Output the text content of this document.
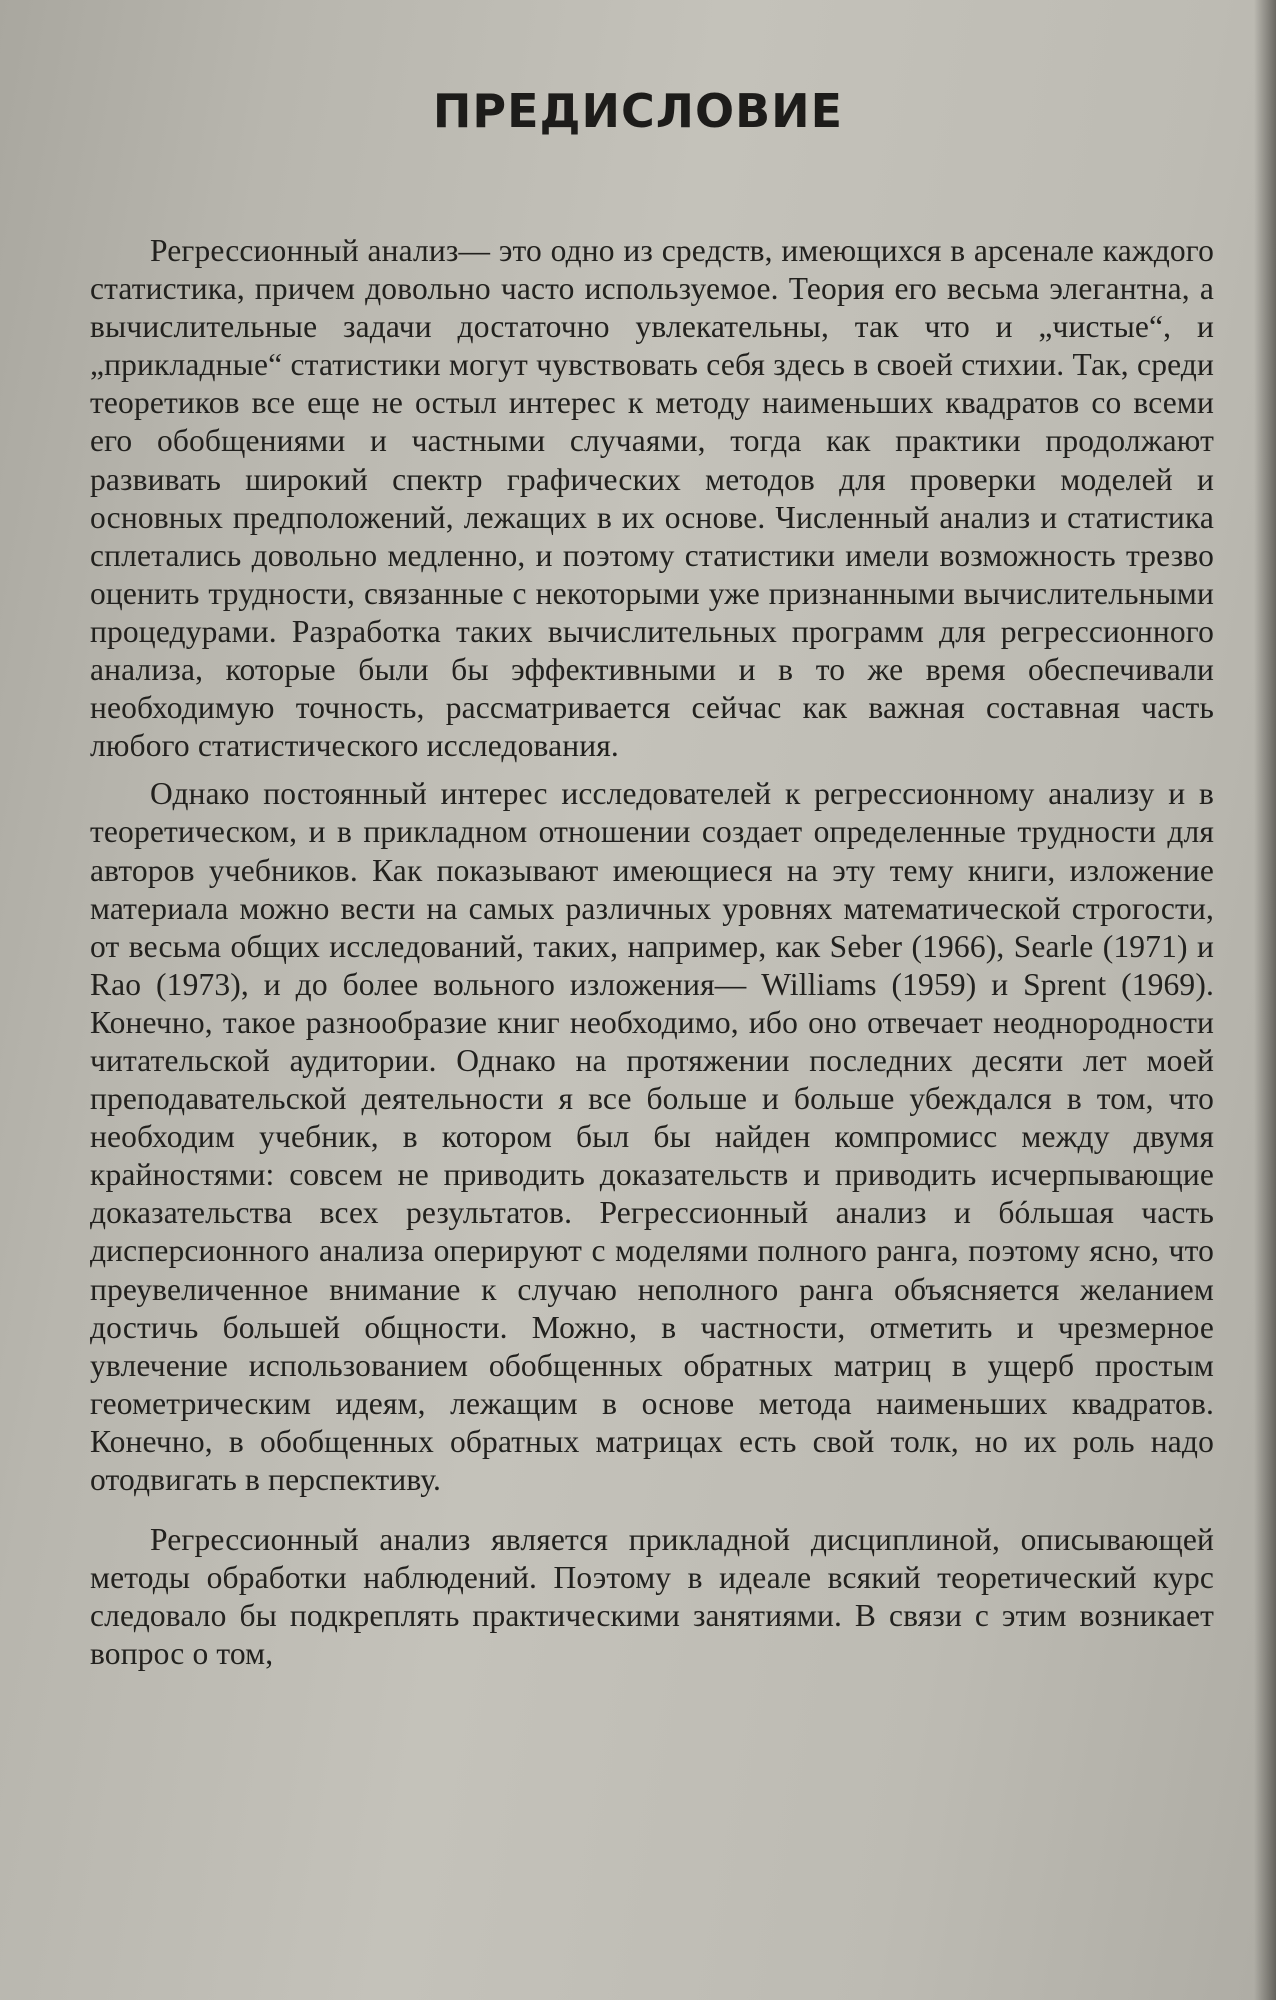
ПРЕДИСЛОВИЕ

Регрессионный анализ— это одно из средств, имеющихся в арсенале каждого статистика, причем довольно часто используемое. Теория его весьма элегантна, а вычислительные задачи достаточно увлекательны, так что и „чистые“, и „прикладные“ статистики могут чувствовать себя здесь в своей стихии. Так, среди теоретиков все еще не остыл интерес к методу наименьших квадратов со всеми его обобщениями и частными случаями, тогда как практики продолжают развивать широкий спектр графических методов для проверки моделей и основных предположений, лежащих в их основе. Численный анализ и статистика сплетались довольно медленно, и поэтому статистики имели возможность трезво оценить трудности, связанные с некоторыми уже признанными вычислительными процедурами. Разработка таких вычислительных программ для регрессионного анализа, которые были бы эффективными и в то же время обеспечивали необходимую точность, рассматривается сейчас как важная составная часть любого статистического исследования.

Однако постоянный интерес исследователей к регрессионному анализу и в теоретическом, и в прикладном отношении создает определенные трудности для авторов учебников. Как показывают имеющиеся на эту тему книги, изложение материала можно вести на самых различных уровнях математической строгости, от весьма общих исследований, таких, например, как Seber (1966), Searle (1971) и Rao (1973), и до более вольного изложения— Williams (1959) и Sprent (1969). Конечно, такое разнообразие книг необходимо, ибо оно отвечает неоднородности читательской аудитории. Однако на протяжении последних десяти лет моей преподавательской деятельности я все больше и больше убеждался в том, что необходим учебник, в котором был бы найден компромисс между двумя крайностями: совсем не приводить доказательств и приводить исчерпывающие доказательства всех результатов. Регрессионный анализ и бóльшая часть дисперсионного анализа оперируют с моделями полного ранга, поэтому ясно, что преувеличенное внимание к случаю неполного ранга объясняется желанием достичь большей общности. Можно, в частности, отметить и чрезмерное увлечение использованием обобщенных обратных матриц в ущерб простым геометрическим идеям, лежащим в основе метода наименьших квадратов. Конечно, в обобщенных обратных матрицах есть свой толк, но их роль надо отодвигать в перспективу.

Регрессионный анализ является прикладной дисциплиной, описывающей методы обработки наблюдений. Поэтому в идеале всякий теоретический курс следовало бы подкреплять практическими занятиями. В связи с этим возникает вопрос о том,
